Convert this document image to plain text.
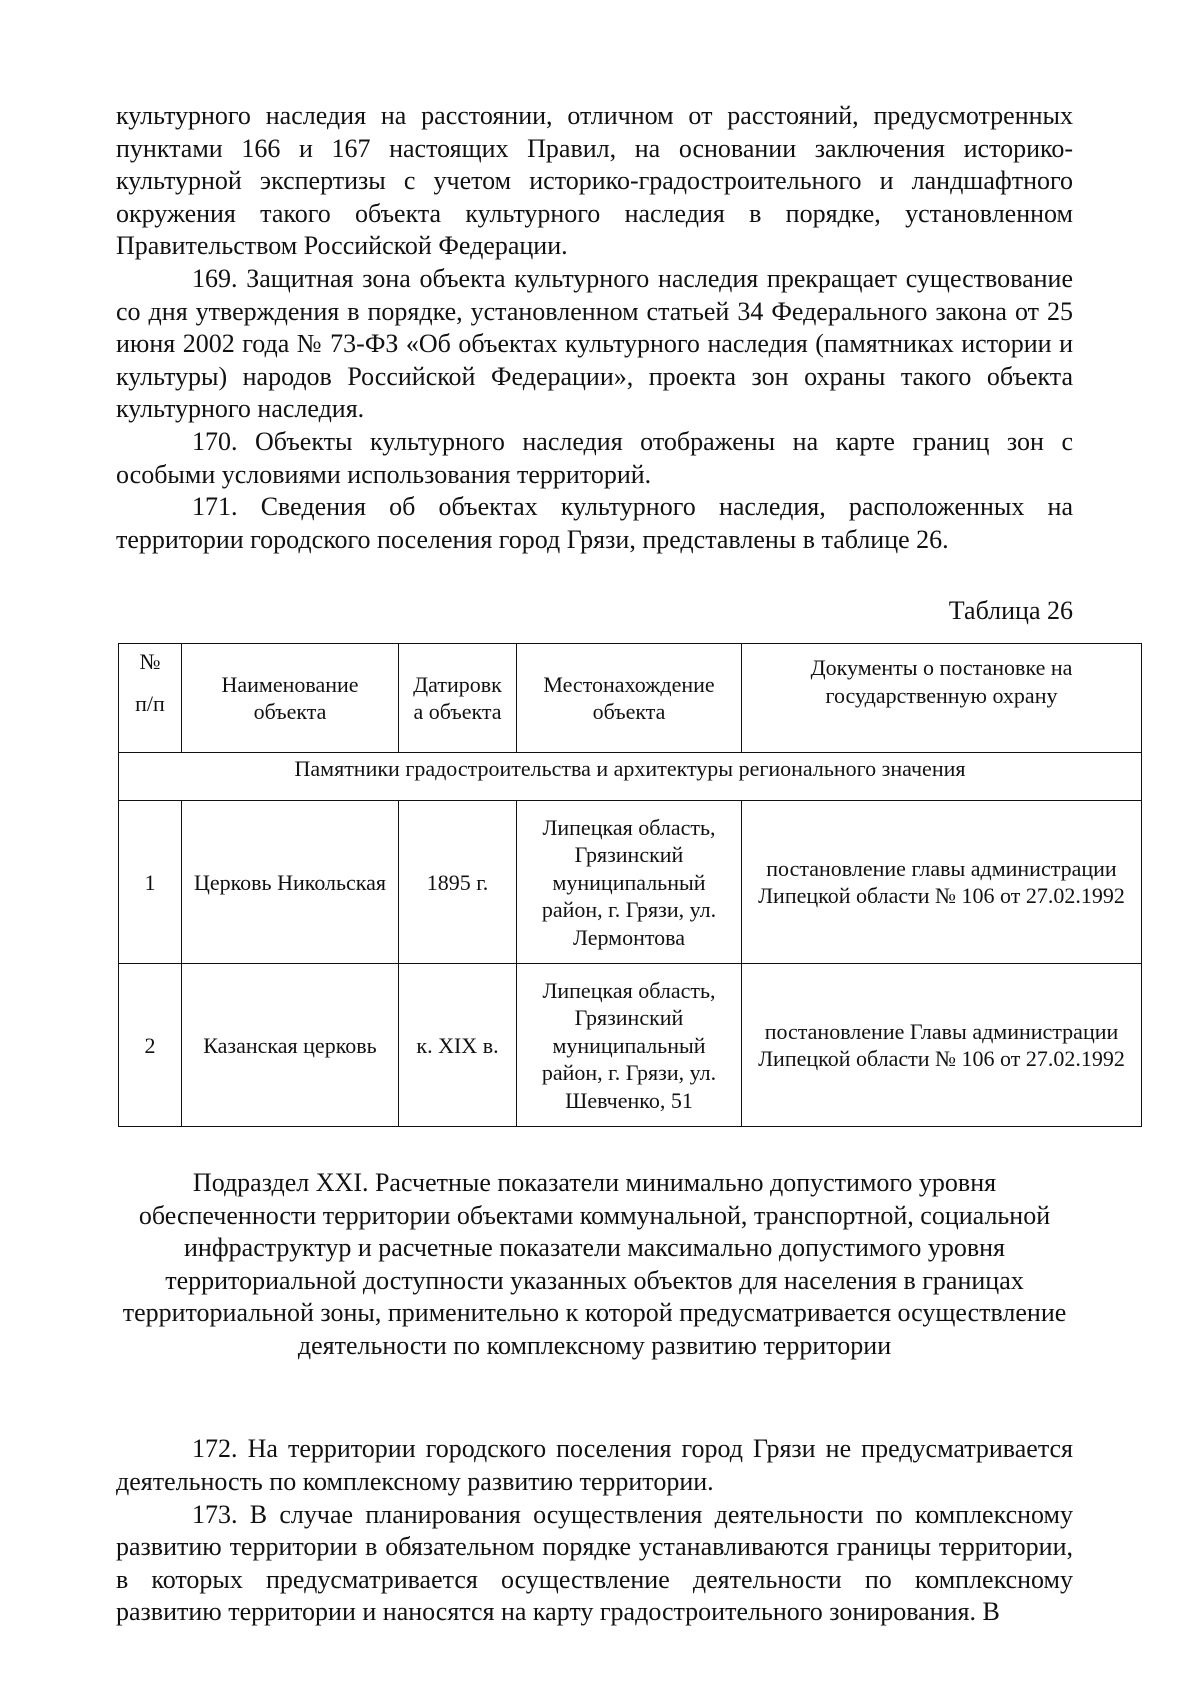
культурного наследия на расстоянии, отличном от расстояний, предусмотренных пунктами 166 и 167 настоящих Правил, на основании заключения историко-культурной экспертизы с учетом историко-градостроительного и ландшафтного окружения такого объекта культурного наследия в порядке, установленном Правительством Российской Федерации.

169. Защитная зона объекта культурного наследия прекращает существование со дня утверждения в порядке, установленном статьей 34 Федерального закона от 25 июня 2002 года № 73-ФЗ «Об объектах культурного наследия (памятниках истории и культуры) народов Российской Федерации», проекта зон охраны такого объекта культурного наследия.

170. Объекты культурного наследия отображены на карте границ зон с особыми условиями использования территорий.

171. Сведения об объектах культурного наследия, расположенных на территории городского поселения город Грязи, представлены в таблице 26.

Таблица 26
№
п/п	Наименование объекта	Датировк а объекта	Местонахождение объекта	Документы о постановке на государственную охрану
Памятники градостроительства и архитектуры регионального значения				
1	Церковь Никольская	1895 г.	Липецкая область, Грязинский муниципальный район, г. Грязи, ул. Лермонтова	постановление главы администрации Липецкой области № 106 от 27.02.1992
2	Казанская церковь	к. XIX в.	Липецкая область, Грязинский муниципальный район, г. Грязи, ул. Шевченко, 51	постановление Главы администрации Липецкой области № 106 от 27.02.1992
Подраздел XXI. Расчетные показатели минимально допустимого уровня обеспеченности территории объектами коммунальной, транспортной, социальной инфраструктур и расчетные показатели максимально допустимого уровня территориальной доступности указанных объектов для населения в границах территориальной зоны, применительно к которой предусматривается осуществление деятельности по комплексному развитию территории

172. На территории городского поселения город Грязи не предусматривается деятельность по комплексному развитию территории.

173. В случае планирования осуществления деятельности по комплексному развитию территории в обязательном порядке устанавливаются границы территории, в которых предусматривается осуществление деятельности по комплексному развитию территории и наносятся на карту градостроительного зонирования. В
